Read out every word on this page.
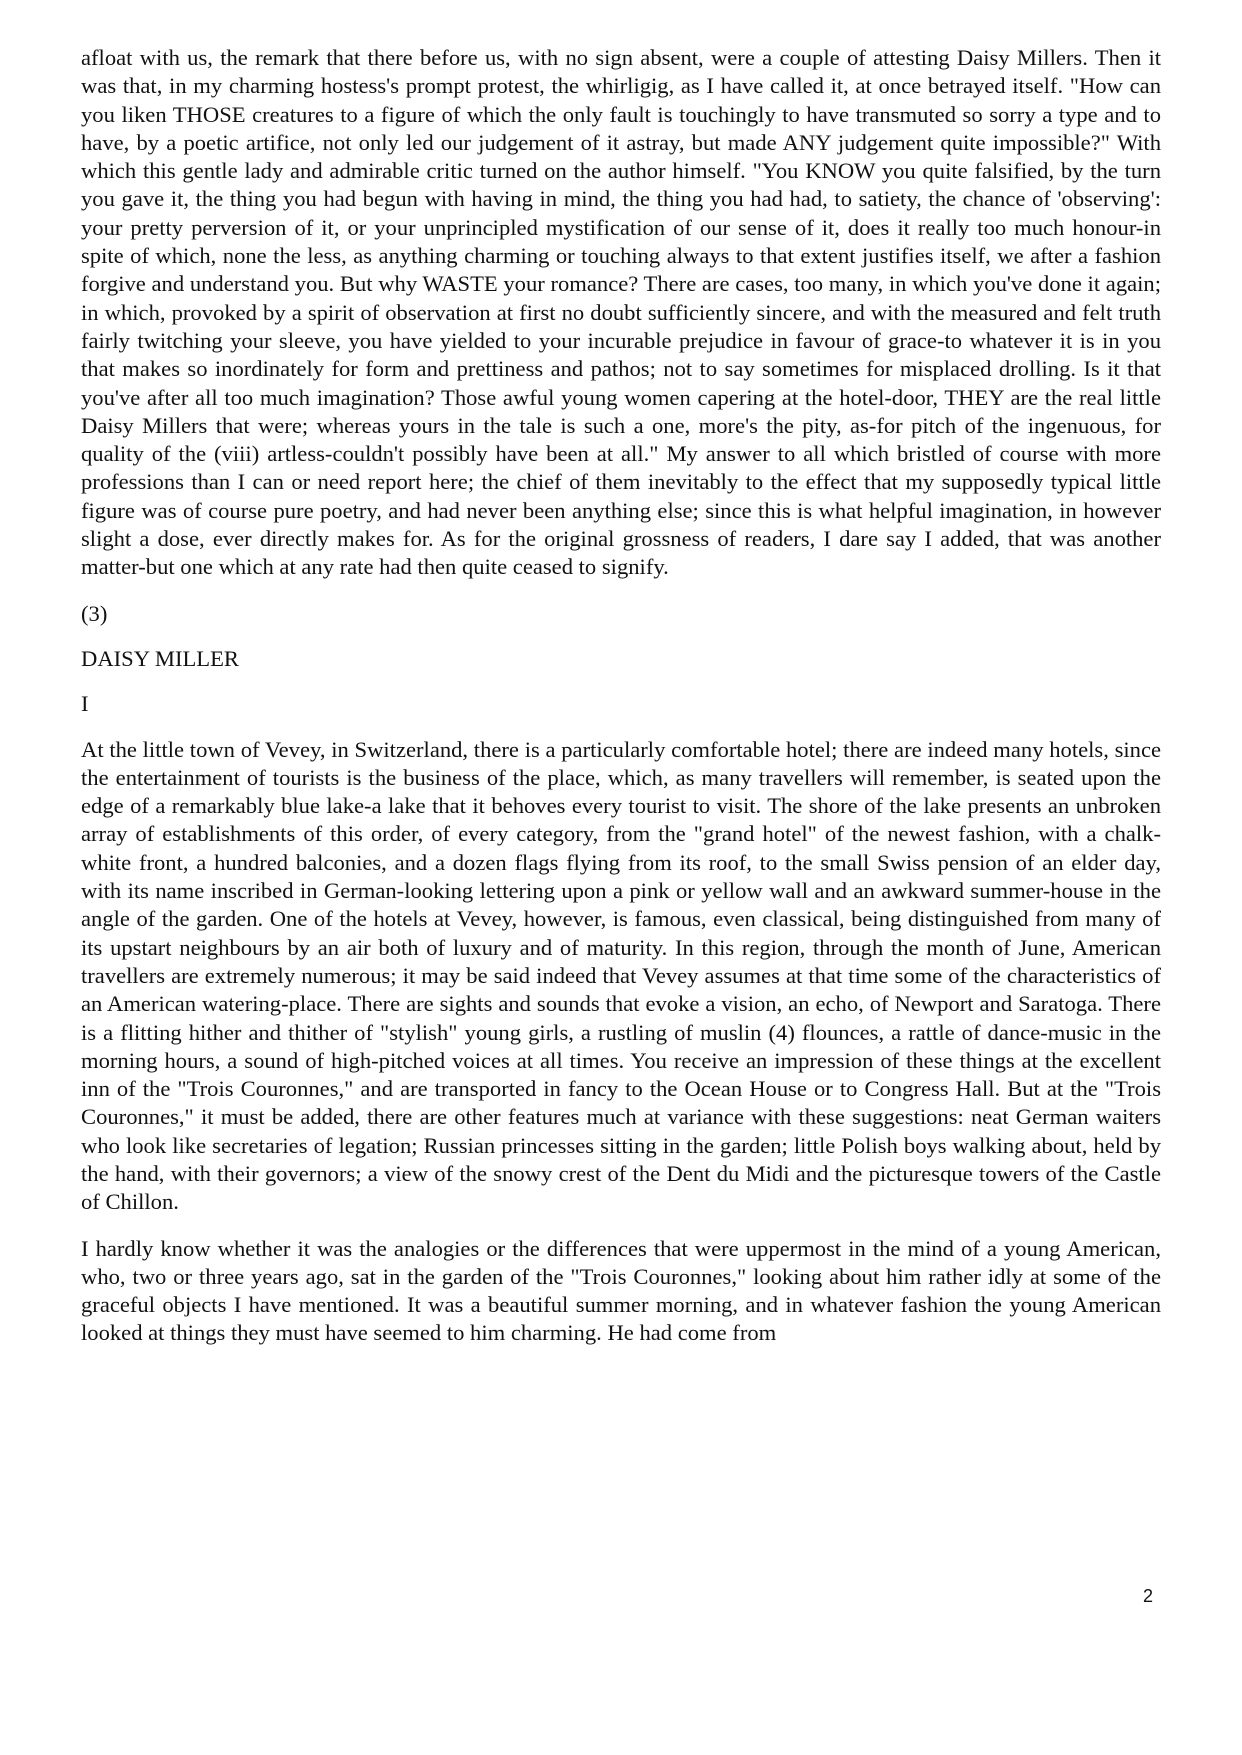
afloat with us, the remark that there before us, with no sign absent, were a couple of attesting Daisy Millers. Then it was that, in my charming hostess's prompt protest, the whirligig, as I have called it, at once betrayed itself. "How can you liken THOSE creatures to a figure of which the only fault is touchingly to have transmuted so sorry a type and to have, by a poetic artifice, not only led our judgement of it astray, but made ANY judgement quite impossible?" With which this gentle lady and admirable critic turned on the author himself. "You KNOW you quite falsified, by the turn you gave it, the thing you had begun with having in mind, the thing you had had, to satiety, the chance of 'observing': your pretty perversion of it, or your unprincipled mystification of our sense of it, does it really too much honour-in spite of which, none the less, as anything charming or touching always to that extent justifies itself, we after a fashion forgive and understand you. But why WASTE your romance? There are cases, too many, in which you've done it again; in which, provoked by a spirit of observation at first no doubt sufficiently sincere, and with the measured and felt truth fairly twitching your sleeve, you have yielded to your incurable prejudice in favour of grace-to whatever it is in you that makes so inordinately for form and prettiness and pathos; not to say sometimes for misplaced drolling. Is it that you've after all too much imagination? Those awful young women capering at the hotel-door, THEY are the real little Daisy Millers that were; whereas yours in the tale is such a one, more's the pity, as-for pitch of the ingenuous, for quality of the (viii) artless-couldn't possibly have been at all." My answer to all which bristled of course with more professions than I can or need report here; the chief of them inevitably to the effect that my supposedly typical little figure was of course pure poetry, and had never been anything else; since this is what helpful imagination, in however slight a dose, ever directly makes for. As for the original grossness of readers, I dare say I added, that was another matter-but one which at any rate had then quite ceased to signify.

(3)

DAISY MILLER

I

At the little town of Vevey, in Switzerland, there is a particularly comfortable hotel; there are indeed many hotels, since the entertainment of tourists is the business of the place, which, as many travellers will remember, is seated upon the edge of a remarkably blue lake-a lake that it behoves every tourist to visit. The shore of the lake presents an unbroken array of establishments of this order, of every category, from the "grand hotel" of the newest fashion, with a chalk-white front, a hundred balconies, and a dozen flags flying from its roof, to the small Swiss pension of an elder day, with its name inscribed in German-looking lettering upon a pink or yellow wall and an awkward summer-house in the angle of the garden. One of the hotels at Vevey, however, is famous, even classical, being distinguished from many of its upstart neighbours by an air both of luxury and of maturity. In this region, through the month of June, American travellers are extremely numerous; it may be said indeed that Vevey assumes at that time some of the characteristics of an American watering-place. There are sights and sounds that evoke a vision, an echo, of Newport and Saratoga. There is a flitting hither and thither of "stylish" young girls, a rustling of muslin (4) flounces, a rattle of dance-music in the morning hours, a sound of high-pitched voices at all times. You receive an impression of these things at the excellent inn of the "Trois Couronnes," and are transported in fancy to the Ocean House or to Congress Hall. But at the "Trois Couronnes," it must be added, there are other features much at variance with these suggestions: neat German waiters who look like secretaries of legation; Russian princesses sitting in the garden; little Polish boys walking about, held by the hand, with their governors; a view of the snowy crest of the Dent du Midi and the picturesque towers of the Castle of Chillon.

I hardly know whether it was the analogies or the differences that were uppermost in the mind of a young American, who, two or three years ago, sat in the garden of the "Trois Couronnes," looking about him rather idly at some of the graceful objects I have mentioned. It was a beautiful summer morning, and in whatever fashion the young American looked at things they must have seemed to him charming. He had come from

2
